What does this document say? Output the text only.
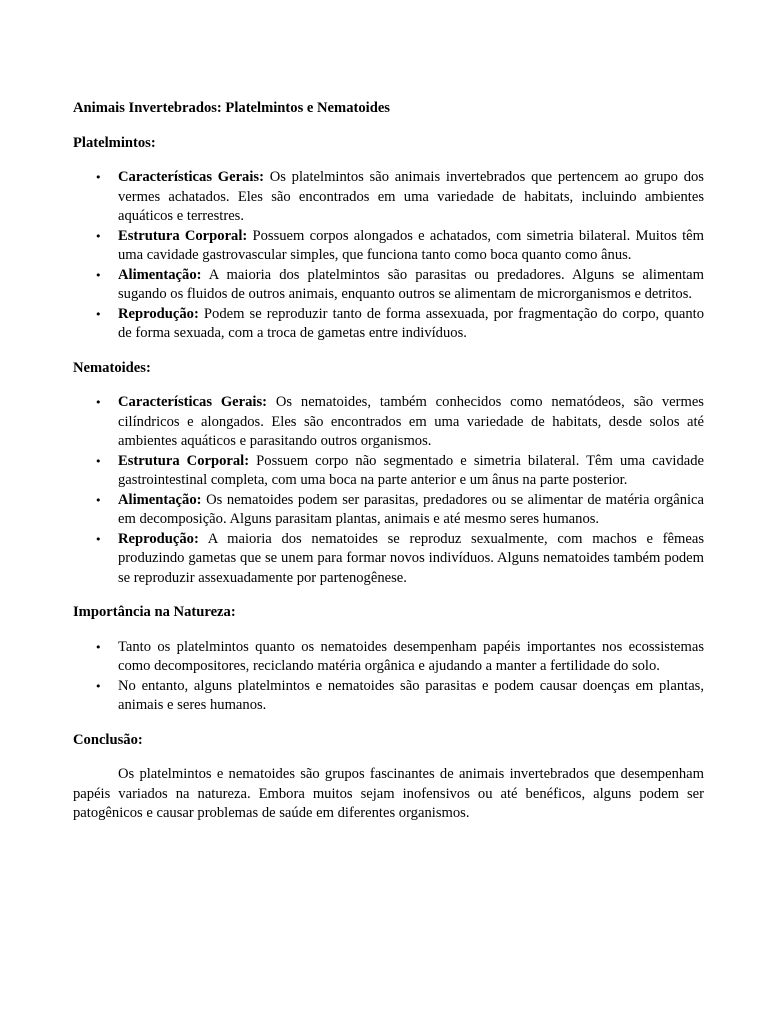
Animais Invertebrados: Platelmintos e Nematoides

Platelmintos:

• Características Gerais: Os platelmintos são animais invertebrados que pertencem ao grupo dos vermes achatados. Eles são encontrados em uma variedade de habitats, incluindo ambientes aquáticos e terrestres.
• Estrutura Corporal: Possuem corpos alongados e achatados, com simetria bilateral. Muitos têm uma cavidade gastrovascular simples, que funciona tanto como boca quanto como ânus.
• Alimentação: A maioria dos platelmintos são parasitas ou predadores. Alguns se alimentam sugando os fluidos de outros animais, enquanto outros se alimentam de microrganismos e detritos.
• Reprodução: Podem se reproduzir tanto de forma assexuada, por fragmentação do corpo, quanto de forma sexuada, com a troca de gametas entre indivíduos.

Nematoides:

• Características Gerais: Os nematoides, também conhecidos como nematódeos, são vermes cilíndricos e alongados. Eles são encontrados em uma variedade de habitats, desde solos até ambientes aquáticos e parasitando outros organismos.
• Estrutura Corporal: Possuem corpo não segmentado e simetria bilateral. Têm uma cavidade gastrointestinal completa, com uma boca na parte anterior e um ânus na parte posterior.
• Alimentação: Os nematoides podem ser parasitas, predadores ou se alimentar de matéria orgânica em decomposição. Alguns parasitam plantas, animais e até mesmo seres humanos.
• Reprodução: A maioria dos nematoides se reproduz sexualmente, com machos e fêmeas produzindo gametas que se unem para formar novos indivíduos. Alguns nematoides também podem se reproduzir assexuadamente por partenogênese.

Importância na Natureza:

• Tanto os platelmintos quanto os nematoides desempenham papéis importantes nos ecossistemas como decompositores, reciclando matéria orgânica e ajudando a manter a fertilidade do solo.
• No entanto, alguns platelmintos e nematoides são parasitas e podem causar doenças em plantas, animais e seres humanos.

Conclusão:

Os platelmintos e nematoides são grupos fascinantes de animais invertebrados que desempenham papéis variados na natureza. Embora muitos sejam inofensivos ou até benéficos, alguns podem ser patogênicos e causar problemas de saúde em diferentes organismos.
